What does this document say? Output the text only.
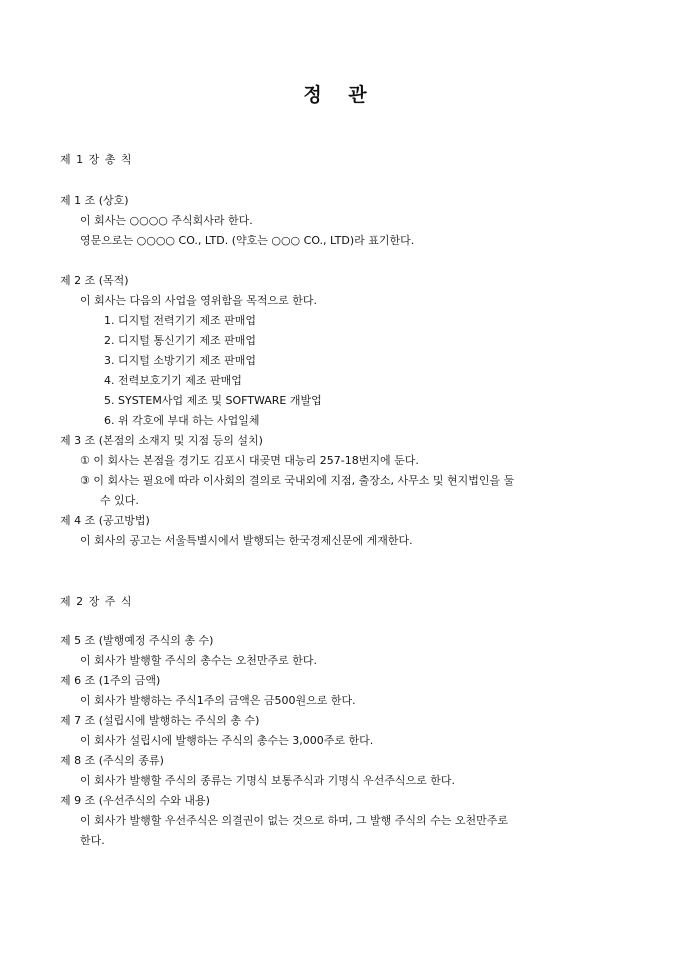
정 관
제 1 장 총 칙
제 1 조 (상호)
이 회사는 ○○○○ 주식회사라 한다.
영문으로는 ○○○○ CO., LTD. (약호는 ○○○ CO., LTD)라 표기한다.
제 2 조 (목적)
이 회사는 다음의 사업을 영위함을 목적으로 한다.
1. 디지털 전력기기 제조 판매업
2. 디지털 통신기기 제조 판매업
3. 디지털 소방기기 제조 판매업
4. 전력보호기기 제조 판매업
5. SYSTEM사업 제조 및 SOFTWARE 개발업
6. 위 각호에 부대 하는 사업일체
제 3 조 (본점의 소재지 및 지점 등의 설치)
① 이 회사는 본점을 경기도 김포시 대곶면 대능리 257-18번지에 둔다.
③ 이 회사는 필요에 따라 이사회의 결의로 국내외에 지점, 출장소, 사무소 및 현지법인을 둘
수 있다.
제 4 조 (공고방법)
이 회사의 공고는 서울특별시에서 발행되는 한국경제신문에 게재한다.
제 2 장 주 식
제 5 조 (발행예정 주식의 총 수)
이 회사가 발행할 주식의 총수는 오천만주로 한다.
제 6 조 (1주의 금액)
이 회사가 발행하는 주식1주의 금액은 금500원으로 한다.
제 7 조 (설립시에 발행하는 주식의 총 수)
이 회사가 설립시에 발행하는 주식의 총수는 3,000주로 한다.
제 8 조 (주식의 종류)
이 회사가 발행할 주식의 종류는 기명식 보통주식과 기명식 우선주식으로 한다.
제 9 조 (우선주식의 수와 내용)
이 회사가 발행할 우선주식은 의결권이 없는 것으로 하며, 그 발행 주식의 수는 오천만주로
한다.
